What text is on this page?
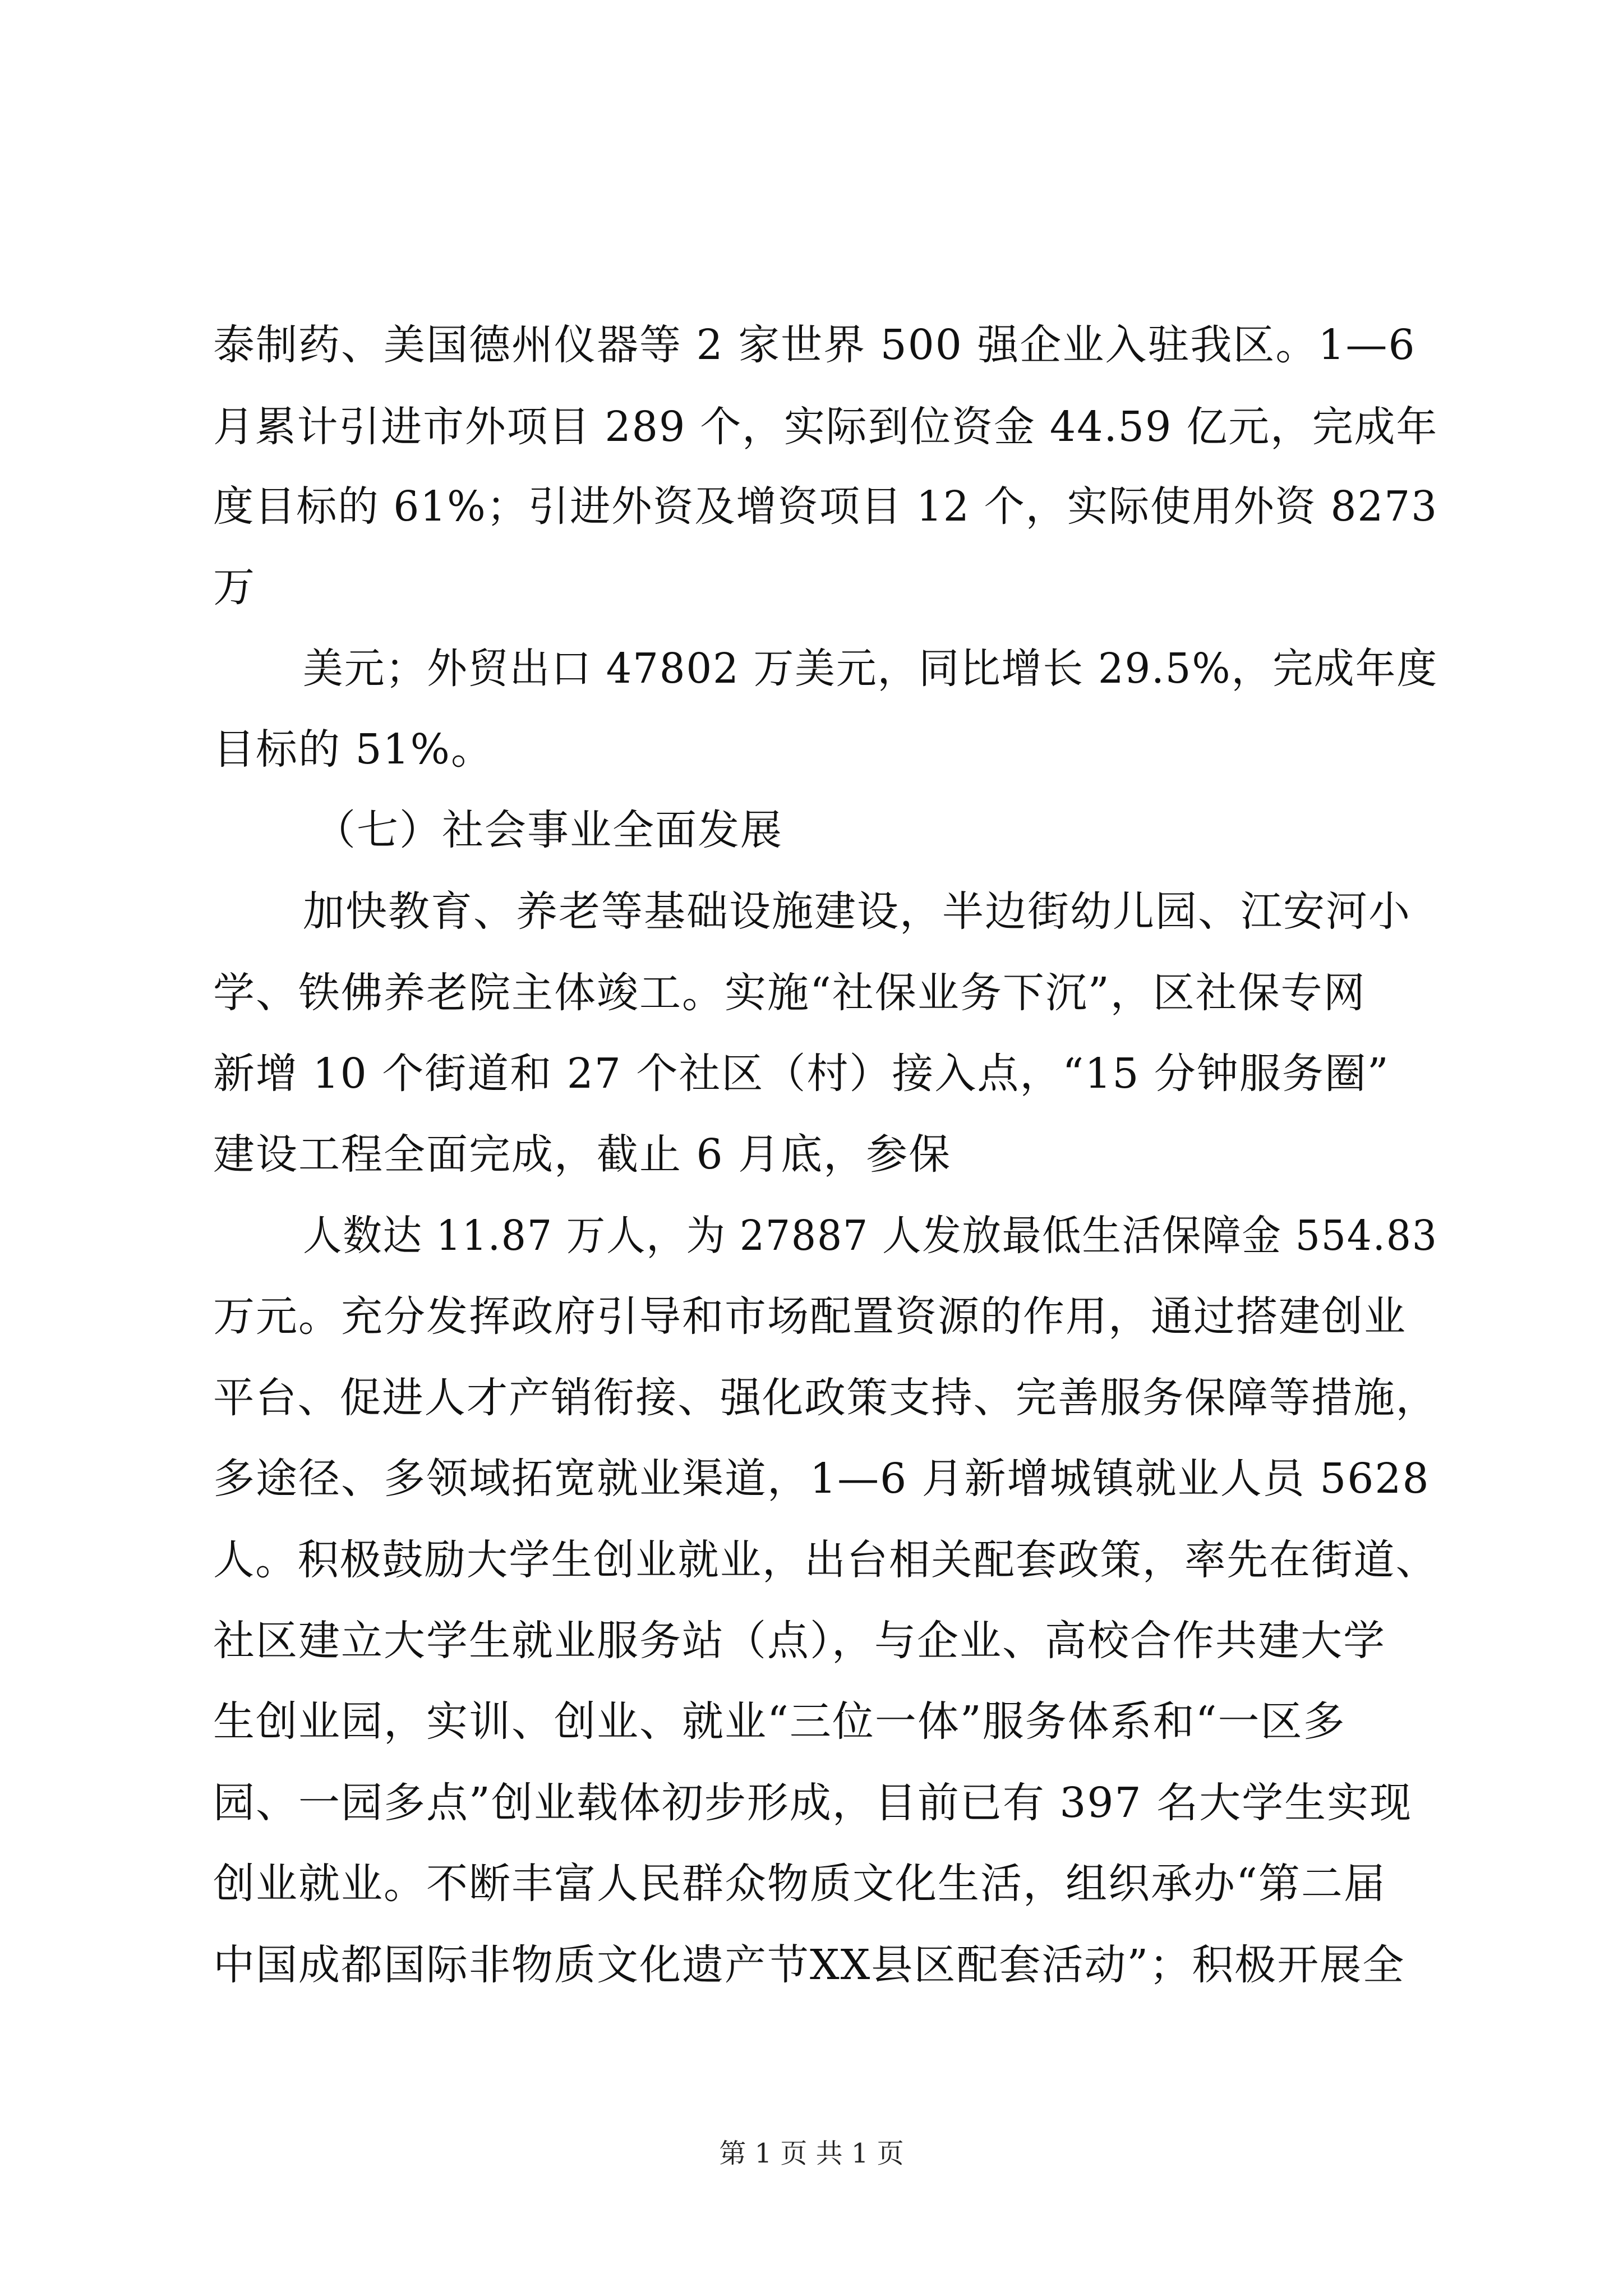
泰制药、美国德州仪器等 2 家世界 500 强企业入驻我区。1—6
月累计引进市外项目 289 个，实际到位资金 44.59 亿元，完成年
度目标的 61%；引进外资及增资项目 12 个，实际使用外资 8273
万
美元；外贸出口 47802 万美元，同比增长 29.5%，完成年度
目标的 51%。
（七）社会事业全面发展
加快教育、养老等基础设施建设，半边街幼儿园、江安河小
学、铁佛养老院主体竣工。实施“社保业务下沉”，区社保专网
新增 10 个街道和 27 个社区（村）接入点，“15 分钟服务圈”
建设工程全面完成，截止 6 月底，参保
人数达 11.87 万人，为 27887 人发放最低生活保障金 554.83
万元。充分发挥政府引导和市场配置资源的作用，通过搭建创业
平台、促进人才产销衔接、强化政策支持、完善服务保障等措施，
多途径、多领域拓宽就业渠道，1—6 月新增城镇就业人员 5628
人。积极鼓励大学生创业就业，出台相关配套政策，率先在街道、
社区建立大学生就业服务站（点），与企业、高校合作共建大学
生创业园，实训、创业、就业“三位一体”服务体系和“一区多
园、一园多点”创业载体初步形成，目前已有 397 名大学生实现
创业就业。不断丰富人民群众物质文化生活，组织承办“第二届
中国成都国际非物质文化遗产节XX县区配套活动”；积极开展全
第 1 页 共 1 页
